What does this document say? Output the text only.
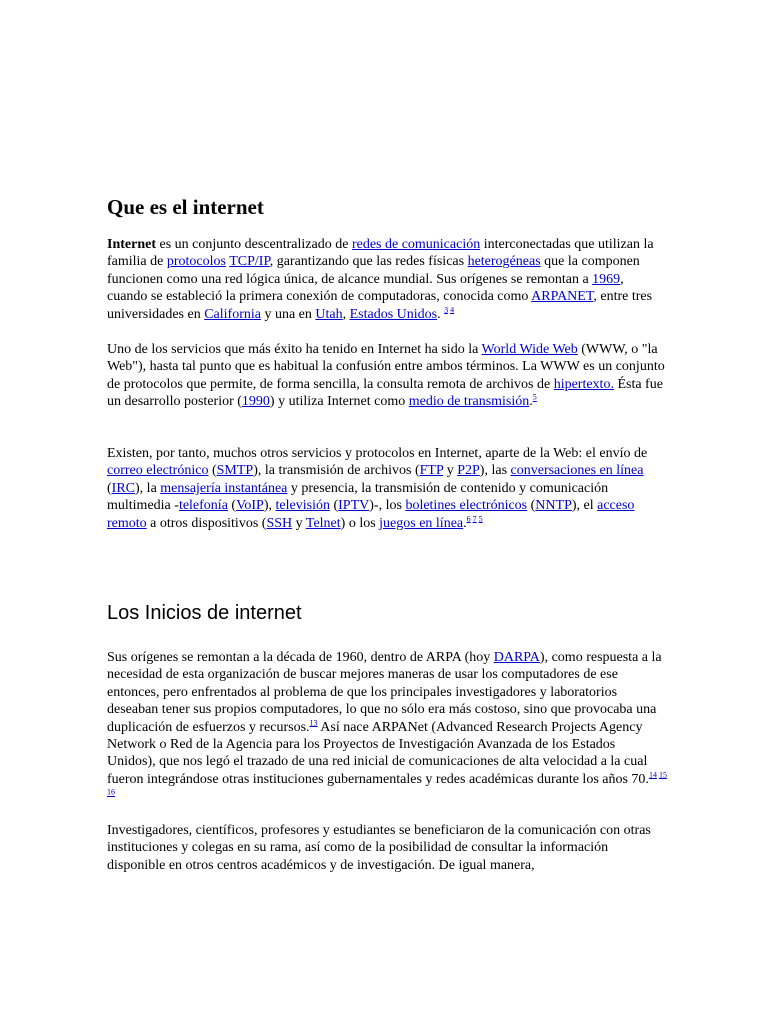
Que es el internet

Internet es un conjunto descentralizado de redes de comunicación interconectadas que utilizan la familia de protocolos TCP/IP, garantizando que las redes físicas heterogéneas que la componen funcionen como una red lógica única, de alcance mundial. Sus orígenes se remontan a 1969, cuando se estableció la primera conexión de computadoras, conocida como ARPANET, entre tres universidades en California y una en Utah, Estados Unidos. $^{3 4}$

Uno de los servicios que más éxito ha tenido en Internet ha sido la World Wide Web (WWW, o "la Web"), hasta tal punto que es habitual la confusión entre ambos términos. La WWW es un conjunto de protocolos que permite, de forma sencilla, la consulta remota de archivos de hipertexto. Ésta fue un desarrollo posterior (1990) y utiliza Internet como medio de transmisión.$^5$

Existen, por tanto, muchos otros servicios y protocolos en Internet, aparte de la Web: el envío de correo electrónico (SMTP), la transmisión de archivos (FTP y P2P), las conversaciones en línea (IRC), la mensajería instantánea y presencia, la transmisión de contenido y comunicación multimedia -telefonía (VoIP), televisión (IPTV)-, los boletines electrónicos (NNTP), el acceso remoto a otros dispositivos (SSH y Telnet) o los juegos en línea.$^{6 7 5}$

Los Inicios de internet

Sus orígenes se remontan a la década de 1960, dentro de ARPA (hoy DARPA), como respuesta a la necesidad de esta organización de buscar mejores maneras de usar los computadores de ese entonces, pero enfrentados al problema de que los principales investigadores y laboratorios deseaban tener sus propios computadores, lo que no sólo era más costoso, sino que provocaba una duplicación de esfuerzos y recursos.$^{13}$ Así nace ARPANet (Advanced Research Projects Agency Network o Red de la Agencia para los Proyectos de Investigación Avanzada de los Estados Unidos), que nos legó el trazado de una red inicial de comunicaciones de alta velocidad a la cual fueron integrándose otras instituciones gubernamentales y redes académicas durante los años 70.$^{14 15 16}$

Investigadores, científicos, profesores y estudiantes se beneficiaron de la comunicación con otras instituciones y colegas en su rama, así como de la posibilidad de consultar la información disponible en otros centros académicos y de investigación. De igual manera,
